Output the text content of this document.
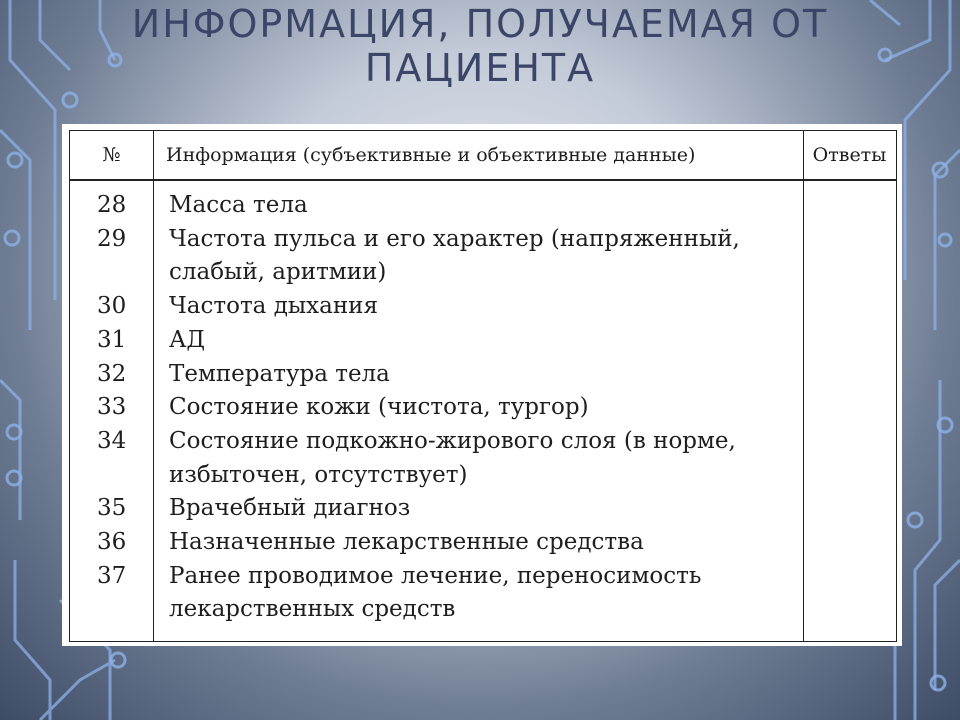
ИНФОРМАЦИЯ, ПОЛУЧАЕМАЯ ОТ ПАЦИЕНТА
№	Информация (субъективные и объективные данные)	Ответы
28	Масса тела
29	Частота пульса и его характер (напряженный, слабый, аритмии)
30	Частота дыхания
31	АД
32	Температура тела
33	Состояние кожи (чистота, тургор)
34	Состояние подкожно-жирового слоя (в норме, избыточен, отсутствует)
35	Врачебный диагноз
36	Назначенные лекарственные средства
37	Ранее проводимое лечение, переносимость лекарственных средств
